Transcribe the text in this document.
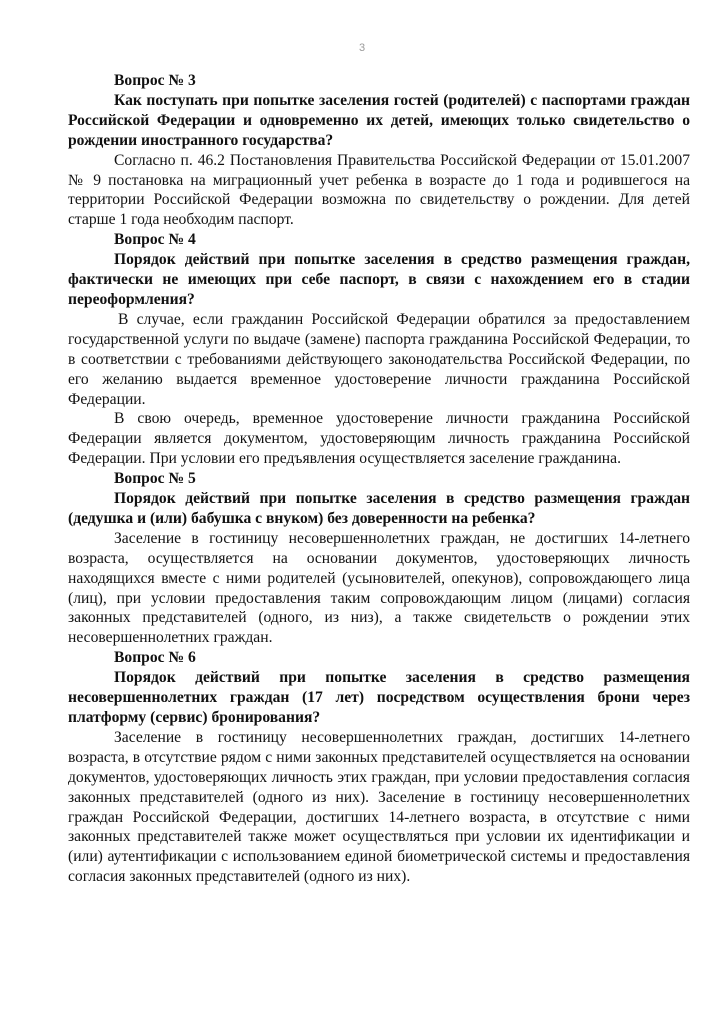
3

Вопрос № 3

Как поступать при попытке заселения гостей (родителей) с паспортами граждан Российской Федерации и одновременно их детей, имеющих только свидетельство о рождении иностранного государства?

Согласно п. 46.2 Постановления Правительства Российской Федерации от 15.01.2007 № 9 постановка на миграционный учет ребенка в возрасте до 1 года и родившегося на территории Российской Федерации возможна по свидетельству о рождении. Для детей старше 1 года необходим паспорт.

Вопрос № 4

Порядок действий при попытке заселения в средство размещения граждан, фактически не имеющих при себе паспорт, в связи с нахождением его в стадии переоформления?

В случае, если гражданин Российской Федерации обратился за предоставлением государственной услуги по выдаче (замене) паспорта гражданина Российской Федерации, то в соответствии с требованиями действующего законодательства Российской Федерации, по его желанию выдается временное удостоверение личности гражданина Российской Федерации.

В свою очередь, временное удостоверение личности гражданина Российской Федерации является документом, удостоверяющим личность гражданина Российской Федерации. При условии его предъявления осуществляется заселение гражданина.

Вопрос № 5

Порядок действий при попытке заселения в средство размещения граждан (дедушка и (или) бабушка с внуком) без доверенности на ребенка?

Заселение в гостиницу несовершеннолетних граждан, не достигших 14-летнего возраста, осуществляется на основании документов, удостоверяющих личность находящихся вместе с ними родителей (усыновителей, опекунов), сопровождающего лица (лиц), при условии предоставления таким сопровождающим лицом (лицами) согласия законных представителей (одного, из низ), а также свидетельств о рождении этих несовершеннолетних граждан.

Вопрос № 6

Порядок действий при попытке заселения в средство размещения несовершеннолетних граждан (17 лет) посредством осуществления брони через платформу (сервис) бронирования?

Заселение в гостиницу несовершеннолетних граждан, достигших 14-летнего возраста, в отсутствие рядом с ними законных представителей осуществляется на основании документов, удостоверяющих личность этих граждан, при условии предоставления согласия законных представителей (одного из них). Заселение в гостиницу несовершеннолетних граждан Российской Федерации, достигших 14-летнего возраста, в отсутствие с ними законных представителей также может осуществляться при условии их идентификации и (или) аутентификации с использованием единой биометрической системы и предоставления согласия законных представителей (одного из них).
